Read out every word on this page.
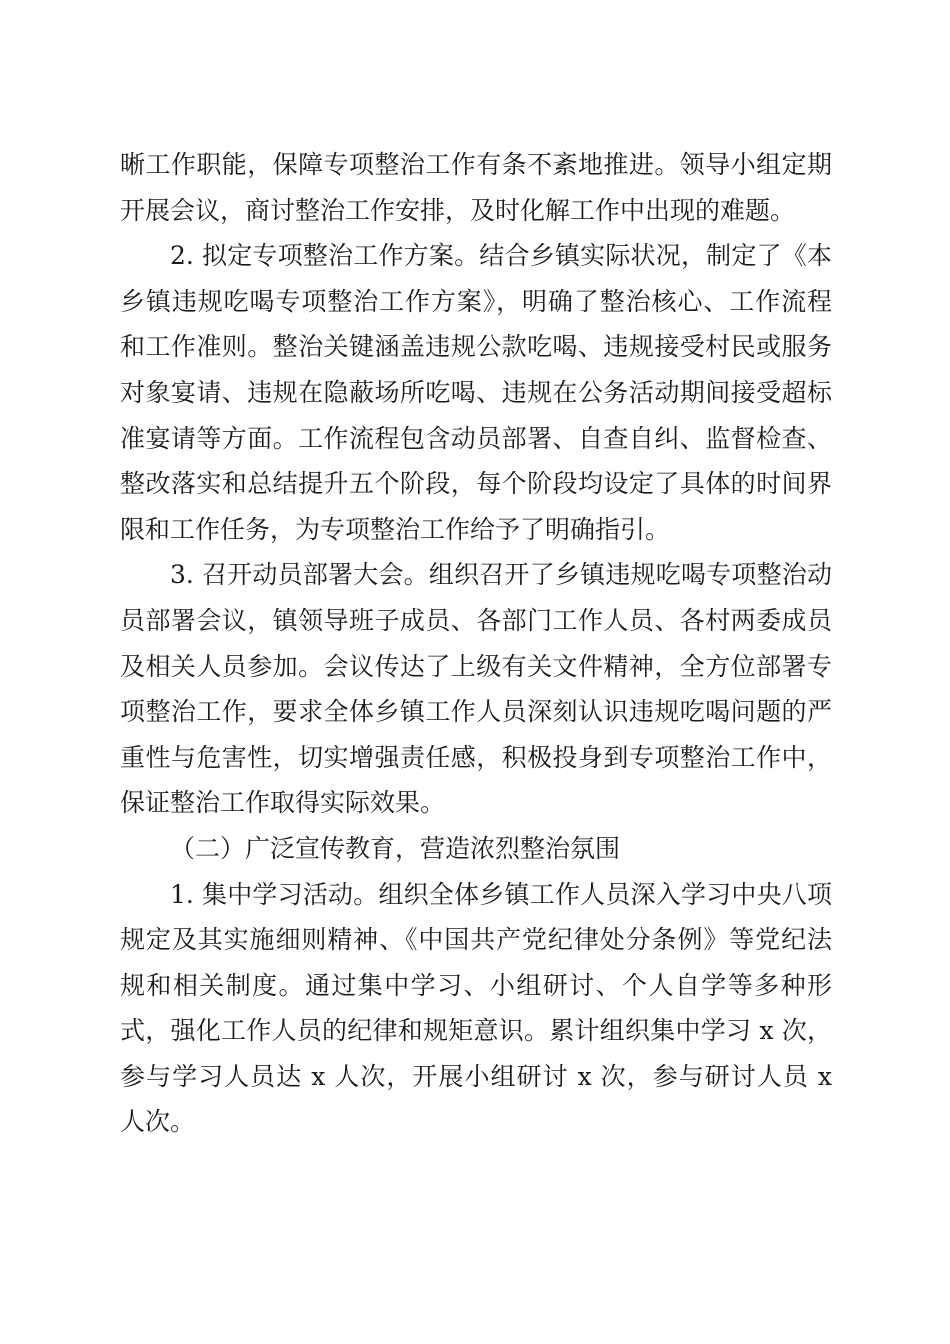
晰工作职能，保障专项整治工作有条不紊地推进。领导小组定期开展会议，商讨整治工作安排，及时化解工作中出现的难题。

2. 拟定专项整治工作方案。结合乡镇实际状况，制定了《本乡镇违规吃喝专项整治工作方案》，明确了整治核心、工作流程和工作准则。整治关键涵盖违规公款吃喝、违规接受村民或服务对象宴请、违规在隐蔽场所吃喝、违规在公务活动期间接受超标准宴请等方面。工作流程包含动员部署、自查自纠、监督检查、整改落实和总结提升五个阶段，每个阶段均设定了具体的时间界限和工作任务，为专项整治工作给予了明确指引。

3. 召开动员部署大会。组织召开了乡镇违规吃喝专项整治动员部署会议，镇领导班子成员、各部门工作人员、各村两委成员及相关人员参加。会议传达了上级有关文件精神，全方位部署专项整治工作，要求全体乡镇工作人员深刻认识违规吃喝问题的严重性与危害性，切实增强责任感，积极投身到专项整治工作中，保证整治工作取得实际效果。

（二）广泛宣传教育，营造浓烈整治氛围

1. 集中学习活动。组织全体乡镇工作人员深入学习中央八项规定及其实施细则精神、《中国共产党纪律处分条例》等党纪法规和相关制度。通过集中学习、小组研讨、个人自学等多种形式，强化工作人员的纪律和规矩意识。累计组织集中学习 x 次，参与学习人员达 x 人次，开展小组研讨 x 次，参与研讨人员 x 人次。
